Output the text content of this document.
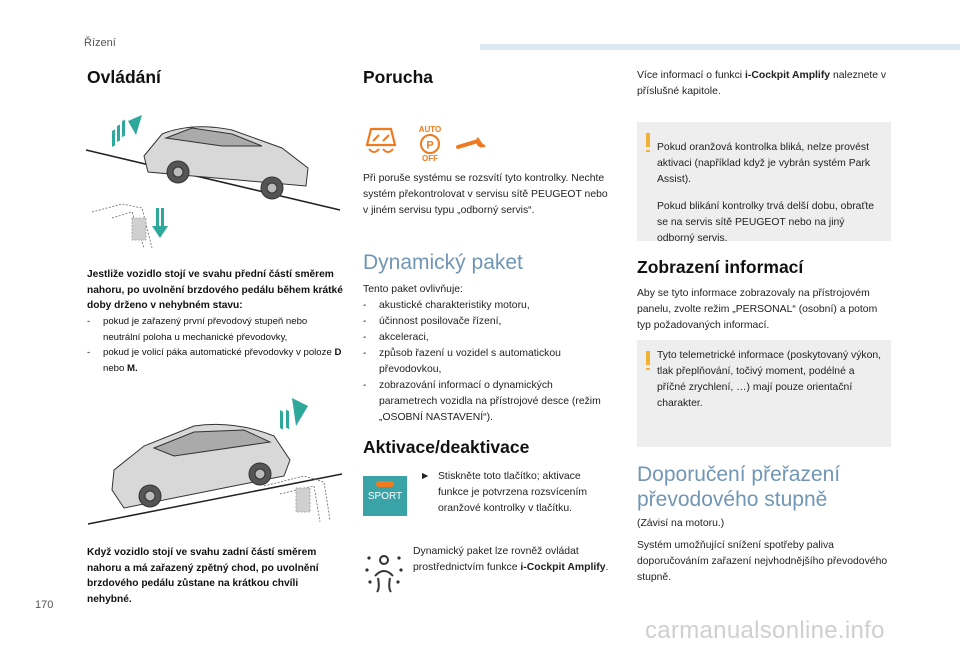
Řízení
Ovládání
Jestliže vozidlo stojí ve svahu přední částí směrem nahoru, po uvolnění brzdového pedálu během krátké doby drženo v nehybném stavu:
- pokud je zařazený první převodový stupeň nebo neutrální poloha u mechanické převodovky,
- pokud je volicí páka automatické převodovky v poloze D nebo M.
Když vozidlo stojí ve svahu zadní částí směrem nahoru a má zařazený zpětný chod, po uvolnění brzdového pedálu zůstane na krátkou chvíli nehybné.
Porucha
AUTO
P
OFF
Při poruše systému se rozsvítí tyto kontrolky. Nechte systém překontrolovat v servisu sítě PEUGEOT nebo v jiném servisu typu „odborný servis“.
Dynamický paket
Tento paket ovlivňuje:
- akustické charakteristiky motoru,
- účinnost posilovače řízení,
- akceleraci,
- způsob řazení u vozidel s automatickou převodovkou,
- zobrazování informací o dynamických parametrech vozidla na přístrojové desce (režim „OSOBNÍ NASTAVENÍ“).
Aktivace/deaktivace
SPORT
► Stiskněte toto tlačítko; aktivace funkce je potvrzena rozsvícením oranžové kontrolky v tlačítku.
Dynamický paket lze rovněž ovládat prostřednictvím funkce i-Cockpit Amplify.
Více informací o funkci i-Cockpit Amplify naleznete v příslušné kapitole.

Pokud oranžová kontrolka bliká, nelze provést aktivaci (například když je vybrán systém Park Assist).

Pokud blikání kontrolky trvá delší dobu, obraťte se na servis sítě PEUGEOT nebo na jiný odborný servis.

Zobrazení informací
Aby se tyto informace zobrazovaly na přístrojovém panelu, zvolte režim „PERSONAL“ (osobní) a potom typ požadovaných informací.
Tyto telemetrické informace (poskytovaný výkon, tlak přeplňování, točivý moment, podélné a příčné zrychlení, …) mají pouze orientační charakter.
Doporučení přeřazení převodového stupně
(Závisí na motoru.)
Systém umožňující snížení spotřeby paliva doporučováním zařazení nejvhodnějšího převodového stupně.
170
carmanualsonline.info
